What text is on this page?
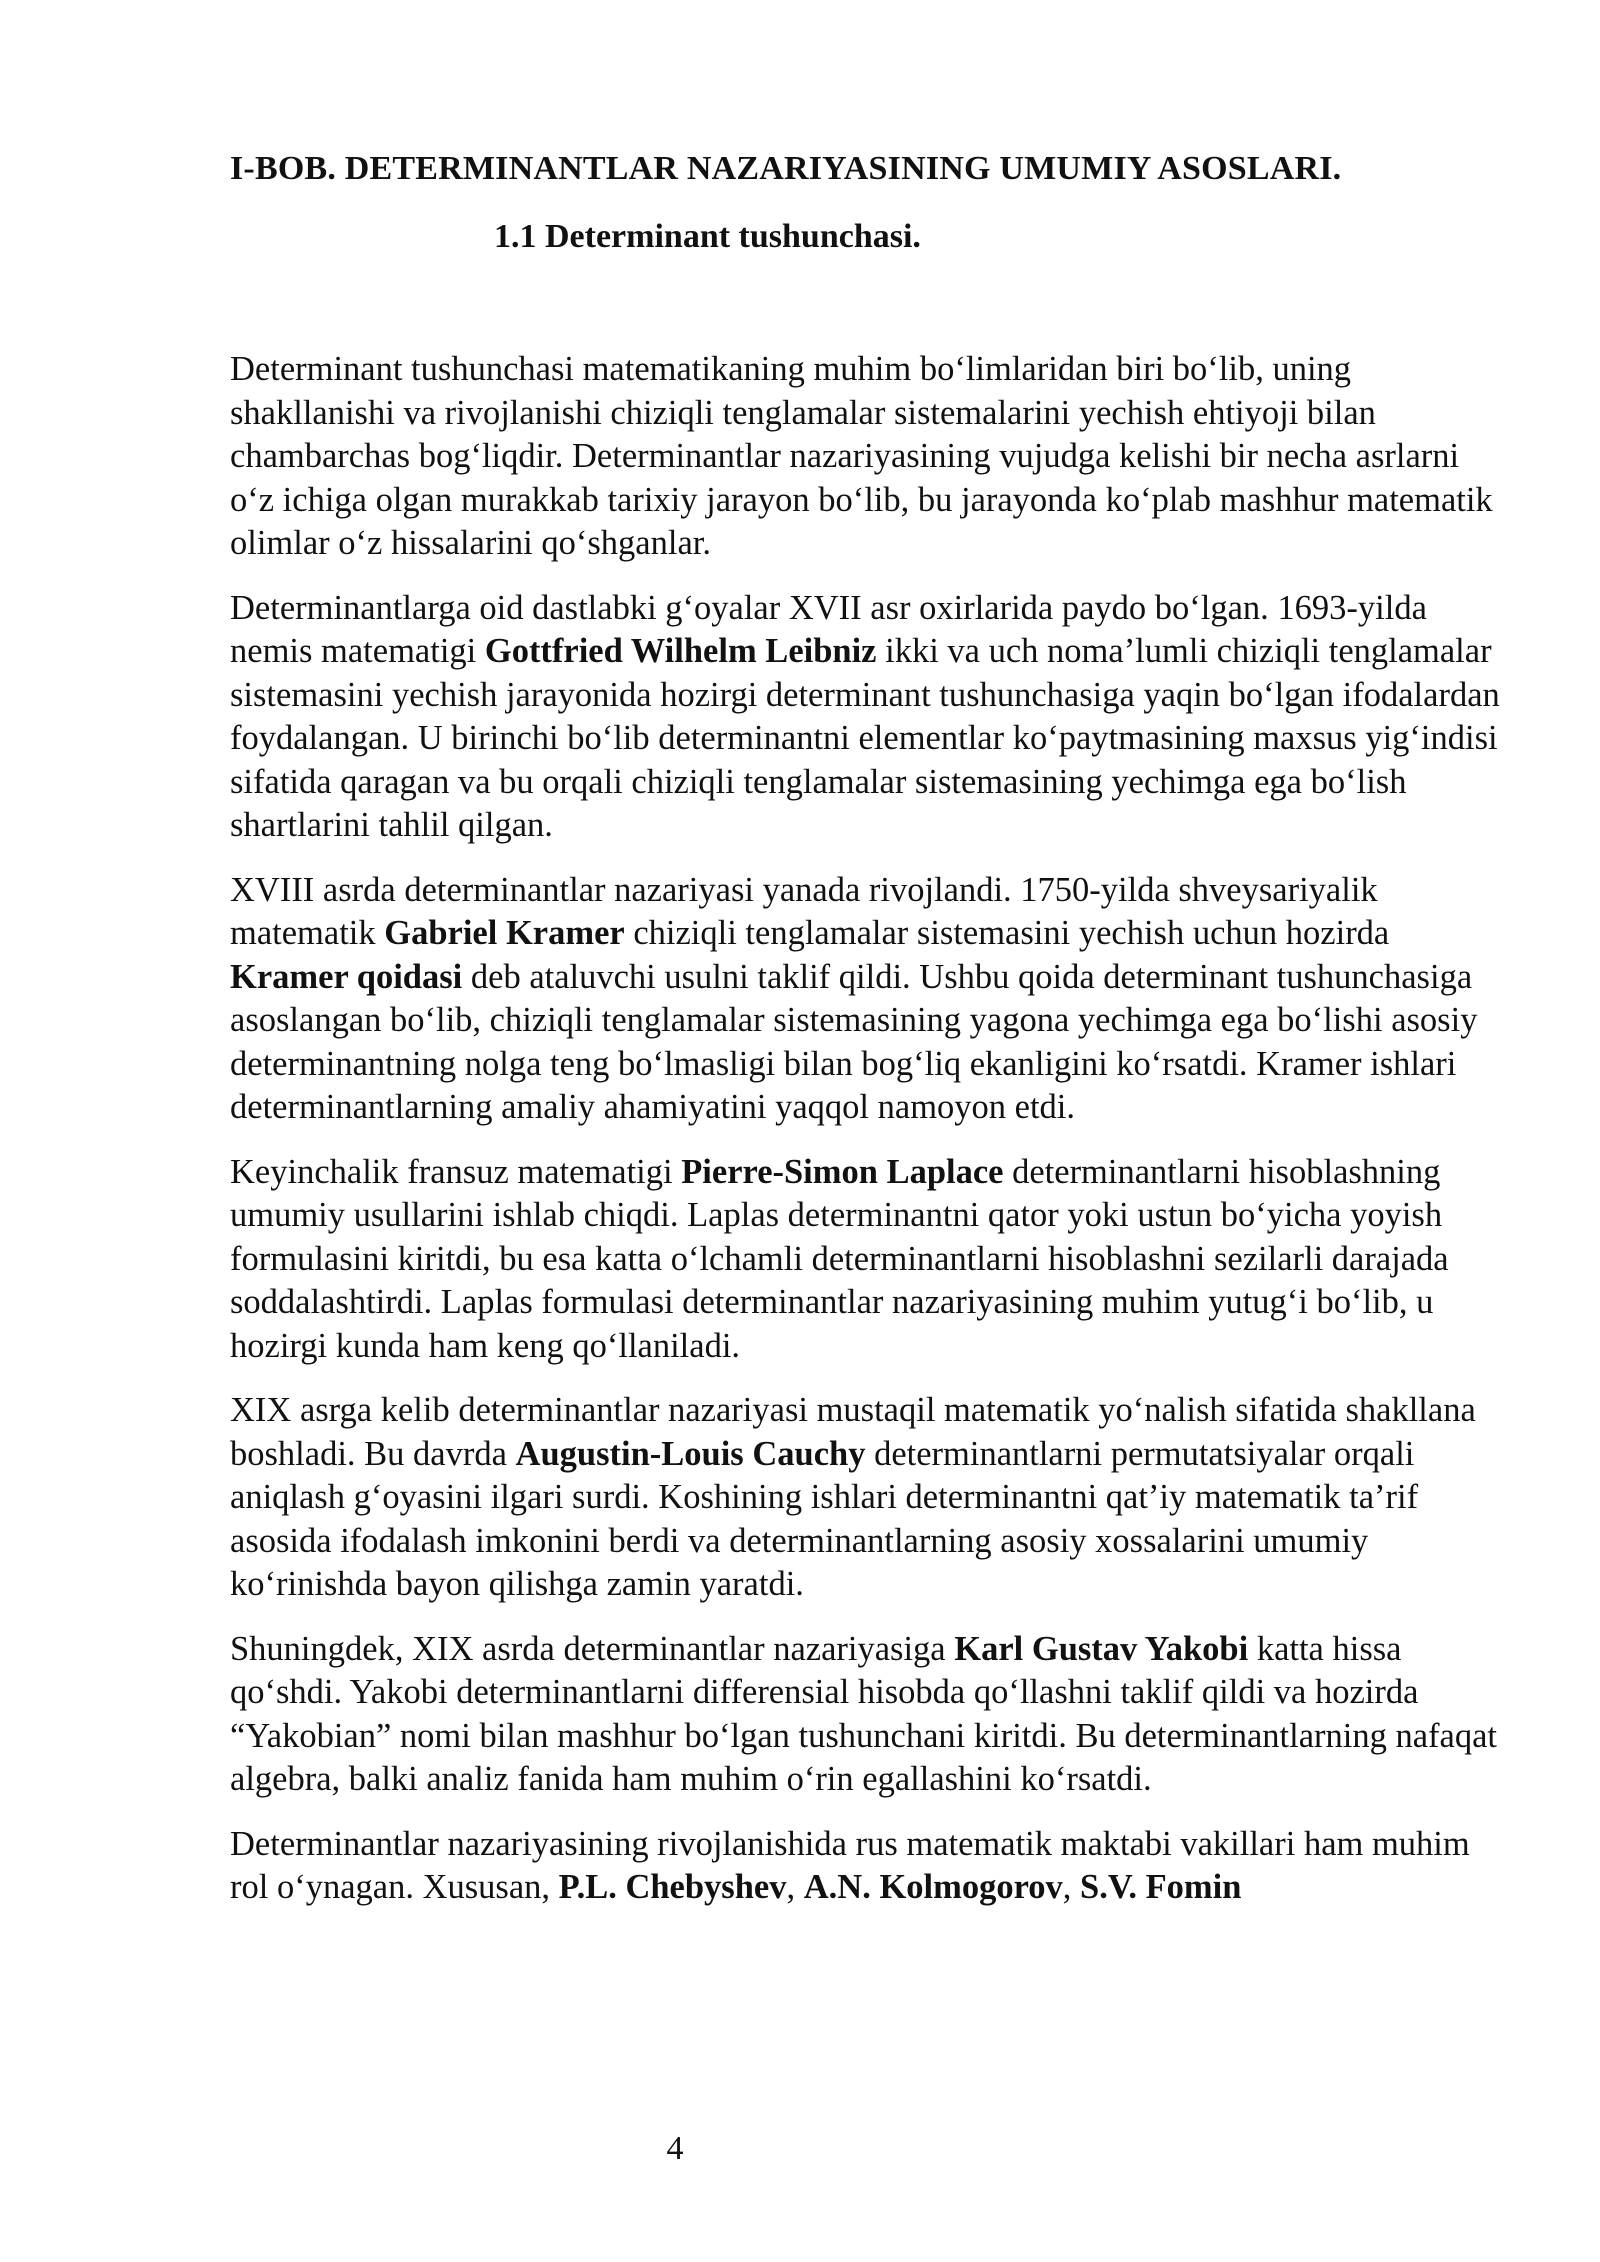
I-BOB. DETERMINANTLAR NAZARIYASINING UMUMIY ASOSLARI.
1.1 Determinant tushunchasi.

Determinant tushunchasi matematikaning muhim bo‘limlaridan biri bo‘lib, uning shakllanishi va rivojlanishi chiziqli tenglamalar sistemalarini yechish ehtiyoji bilan chambarchas bog‘liqdir. Determinantlar nazariyasining vujudga kelishi bir necha asrlarni o‘z ichiga olgan murakkab tarixiy jarayon bo‘lib, bu jarayonda ko‘plab mashhur matematik olimlar o‘z hissalarini qo‘shganlar.

Determinantlarga oid dastlabki g‘oyalar XVII asr oxirlarida paydo bo‘lgan. 1693-yilda nemis matematigi Gottfried Wilhelm Leibniz ikki va uch noma’lumli chiziqli tenglamalar sistemasini yechish jarayonida hozirgi determinant tushunchasiga yaqin bo‘lgan ifodalardan foydalangan. U birinchi bo‘lib determinantni elementlar ko‘paytmasining maxsus yig‘indisi sifatida qaragan va bu orqali chiziqli tenglamalar sistemasining yechimga ega bo‘lish shartlarini tahlil qilgan.

XVIII asrda determinantlar nazariyasi yanada rivojlandi. 1750-yilda shveysariyalik matematik Gabriel Kramer chiziqli tenglamalar sistemasini yechish uchun hozirda Kramer qoidasi deb ataluvchi usulni taklif qildi. Ushbu qoida determinant tushunchasiga asoslangan bo‘lib, chiziqli tenglamalar sistemasining yagona yechimga ega bo‘lishi asosiy determinantning nolga teng bo‘lmasligi bilan bog‘liq ekanligini ko‘rsatdi. Kramer ishlari determinantlarning amaliy ahamiyatini yaqqol namoyon etdi.

Keyinchalik fransuz matematigi Pierre-Simon Laplace determinantlarni hisoblashning umumiy usullarini ishlab chiqdi. Laplas determinantni qator yoki ustun bo‘yicha yoyish formulasini kiritdi, bu esa katta o‘lchamli determinantlarni hisoblashni sezilarli darajada soddalashtirdi. Laplas formulasi determinantlar nazariyasining muhim yutug‘i bo‘lib, u hozirgi kunda ham keng qo‘llaniladi.

XIX asrga kelib determinantlar nazariyasi mustaqil matematik yo‘nalish sifatida shakllana boshladi. Bu davrda Augustin-Louis Cauchy determinantlarni permutatsiyalar orqali aniqlash g‘oyasini ilgari surdi. Koshining ishlari determinantni qat’iy matematik ta’rif asosida ifodalash imkonini berdi va determinantlarning asosiy xossalarini umumiy ko‘rinishda bayon qilishga zamin yaratdi.

Shuningdek, XIX asrda determinantlar nazariyasiga Karl Gustav Yakobi katta hissa qo‘shdi. Yakobi determinantlarni differensial hisobda qo‘llashni taklif qildi va hozirda “Yakobian” nomi bilan mashhur bo‘lgan tushunchani kiritdi. Bu determinantlarning nafaqat algebra, balki analiz fanida ham muhim o‘rin egallashini ko‘rsatdi.

Determinantlar nazariyasining rivojlanishida rus matematik maktabi vakillari ham muhim rol o‘ynagan. Xususan, P.L. Chebyshev, A.N. Kolmogorov, S.V. Fomin

4
